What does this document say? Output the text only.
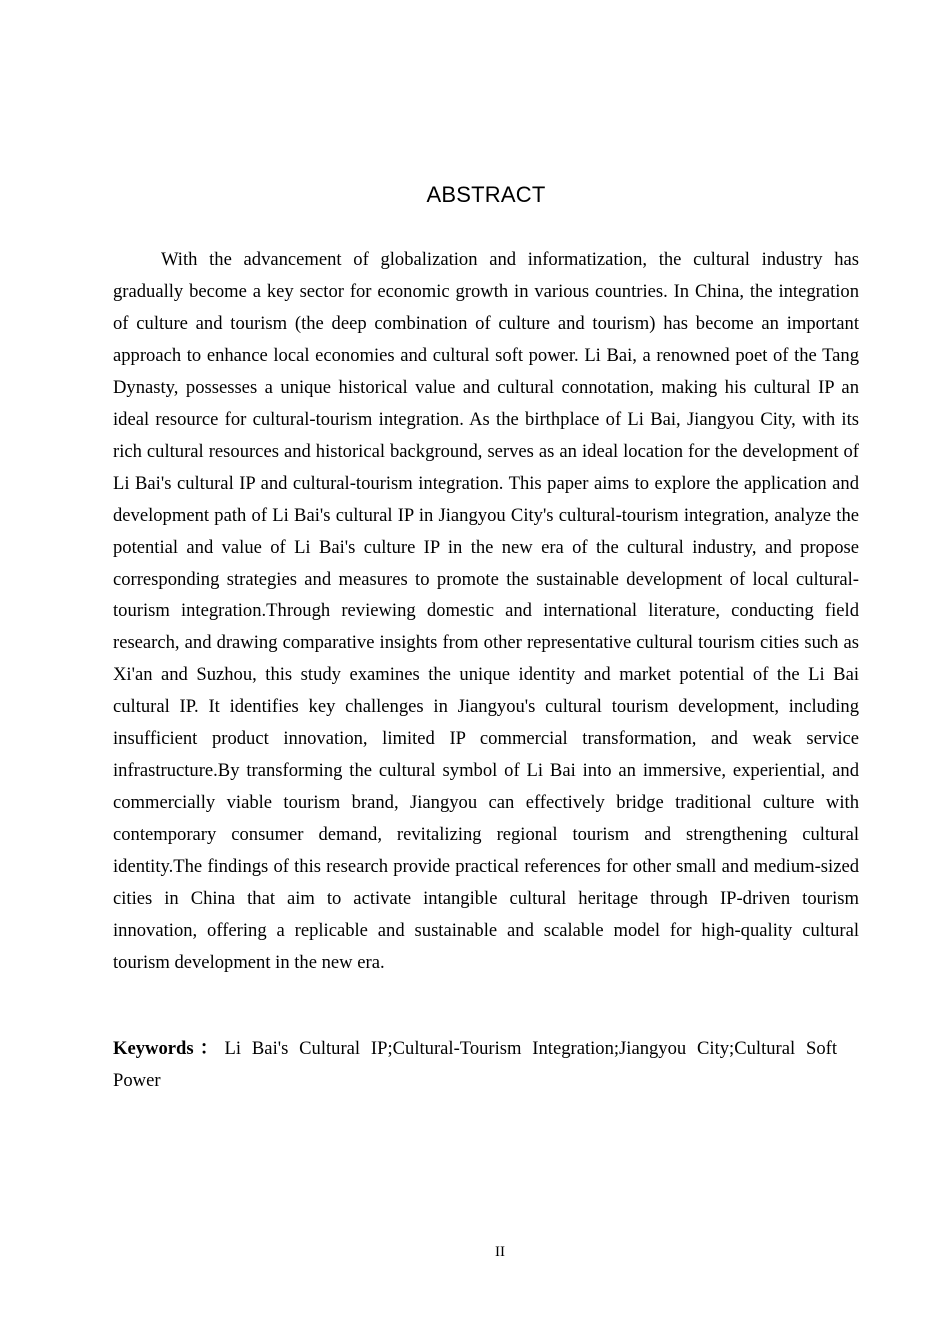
ABSTRACT

With the advancement of globalization and informatization, the cultural industry has gradually become a key sector for economic growth in various countries. In China, the integration of culture and tourism (the deep combination of culture and tourism) has become an important approach to enhance local economies and cultural soft power. Li Bai, a renowned poet of the Tang Dynasty, possesses a unique historical value and cultural connotation, making his cultural IP an ideal resource for cultural-tourism integration. As the birthplace of Li Bai, Jiangyou City, with its rich cultural resources and historical background, serves as an ideal location for the development of Li Bai's cultural IP and cultural-tourism integration. This paper aims to explore the application and development path of Li Bai's cultural IP in Jiangyou City's cultural-tourism integration, analyze the potential and value of Li Bai's culture IP in the new era of the cultural industry, and propose corresponding strategies and measures to promote the sustainable development of local cultural-tourism integration.Through reviewing domestic and international literature, conducting field research, and drawing comparative insights from other representative cultural tourism cities such as Xi'an and Suzhou, this study examines the unique identity and market potential of the Li Bai cultural IP. It identifies key challenges in Jiangyou's cultural tourism development, including insufficient product innovation, limited IP commercial transformation, and weak service infrastructure.By transforming the cultural symbol of Li Bai into an immersive, experiential, and commercially viable tourism brand, Jiangyou can effectively bridge traditional culture with contemporary consumer demand, revitalizing regional tourism and strengthening cultural identity.The findings of this research provide practical references for other small and medium-sized cities in China that aim to activate intangible cultural heritage through IP-driven tourism innovation, offering a replicable and sustainable and scalable model for high-quality cultural tourism development in the new era.

Keywords：Li Bai's Cultural IP;Cultural-Tourism Integration;Jiangyou City;Cultural Soft Power

II
